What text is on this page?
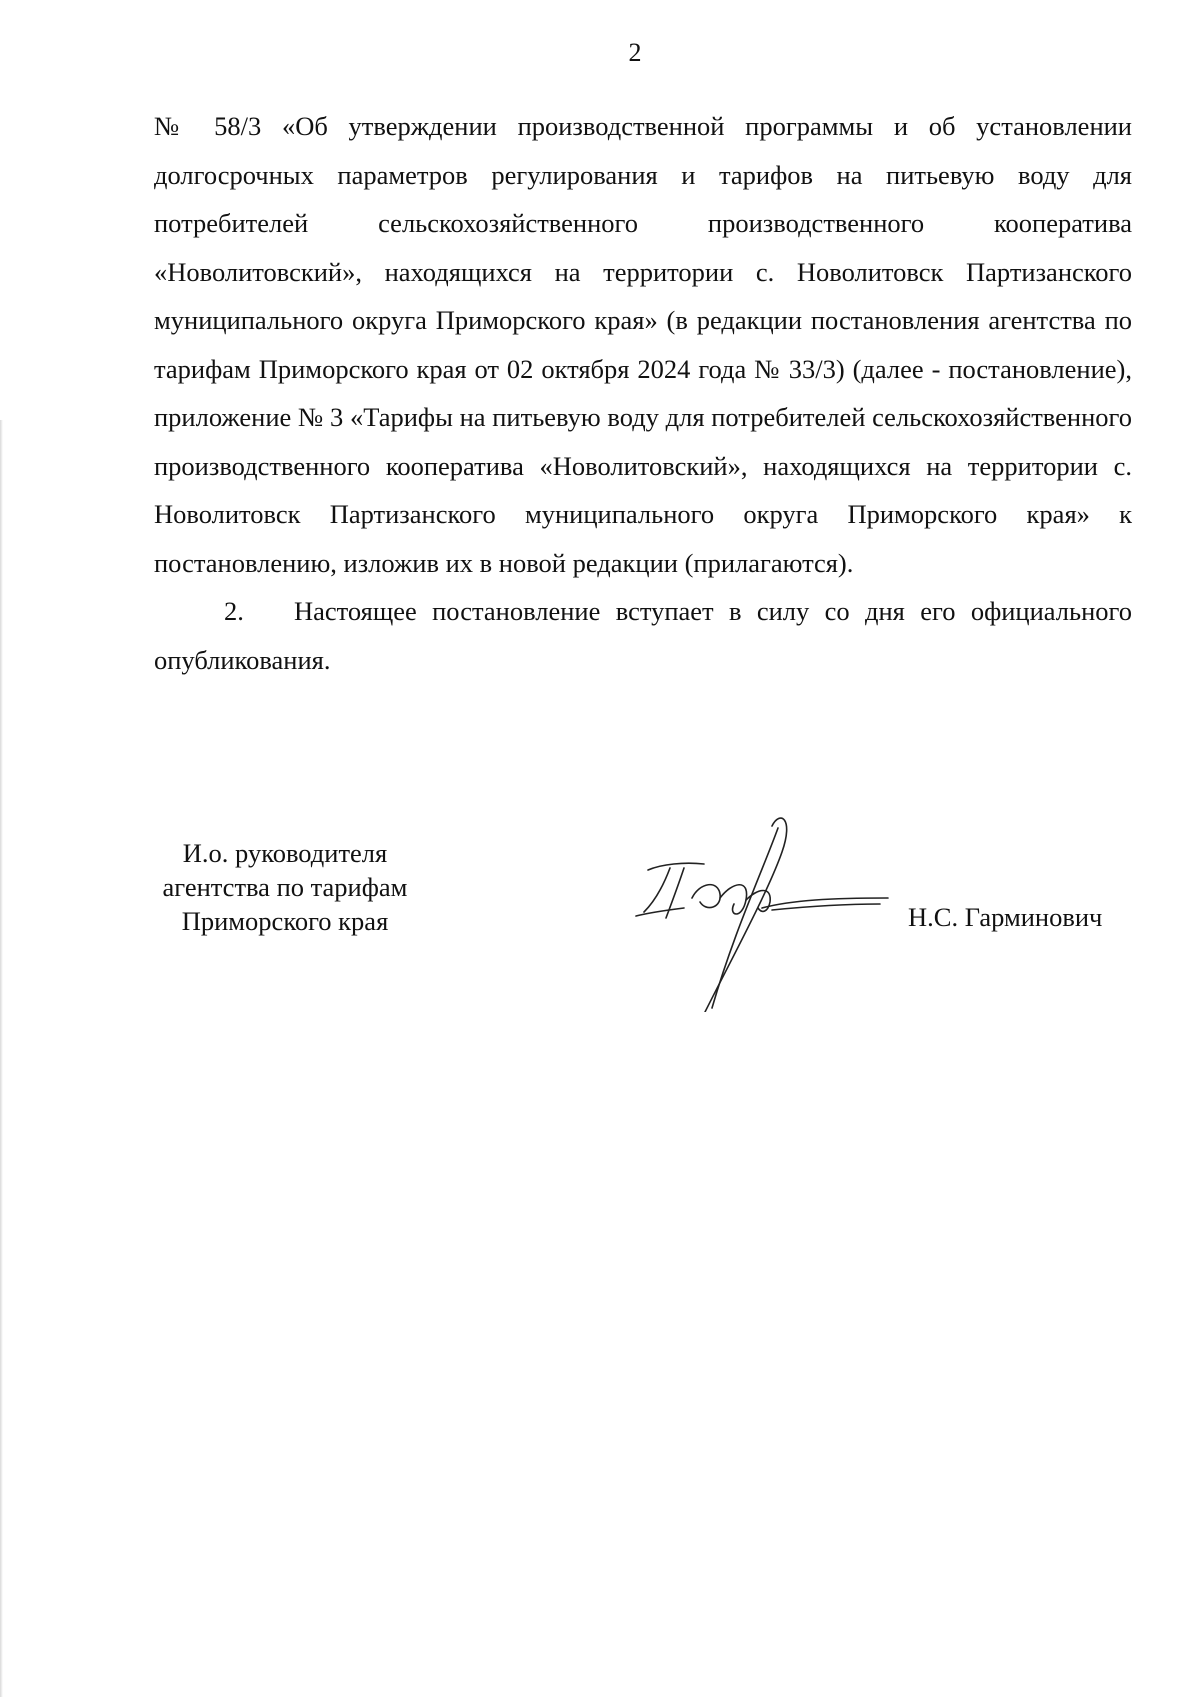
2

№ 58/3 «Об утверждении производственной программы и об установлении долгосрочных параметров регулирования и тарифов на питьевую воду для потребителей сельскохозяйственного производственного кооператива «Новолитовский», находящихся на территории с. Новолитовск Партизанского муниципального округа Приморского края» (в редакции постановления агентства по тарифам Приморского края от 02 октября 2024 года № 33/3) (далее - постановление), приложение № 3 «Тарифы на питьевую воду для потребителей сельскохозяйственного производственного кооператива «Новолитовский», находящихся на территории с. Новолитовск Партизанского муниципального округа Приморского края» к постановлению, изложив их в новой редакции (прилагаются).

2. Настоящее постановление вступает в силу со дня его официального опубликования.

И.о. руководителя
агентства по тарифам
Приморского края	Н.С. Гарминович
